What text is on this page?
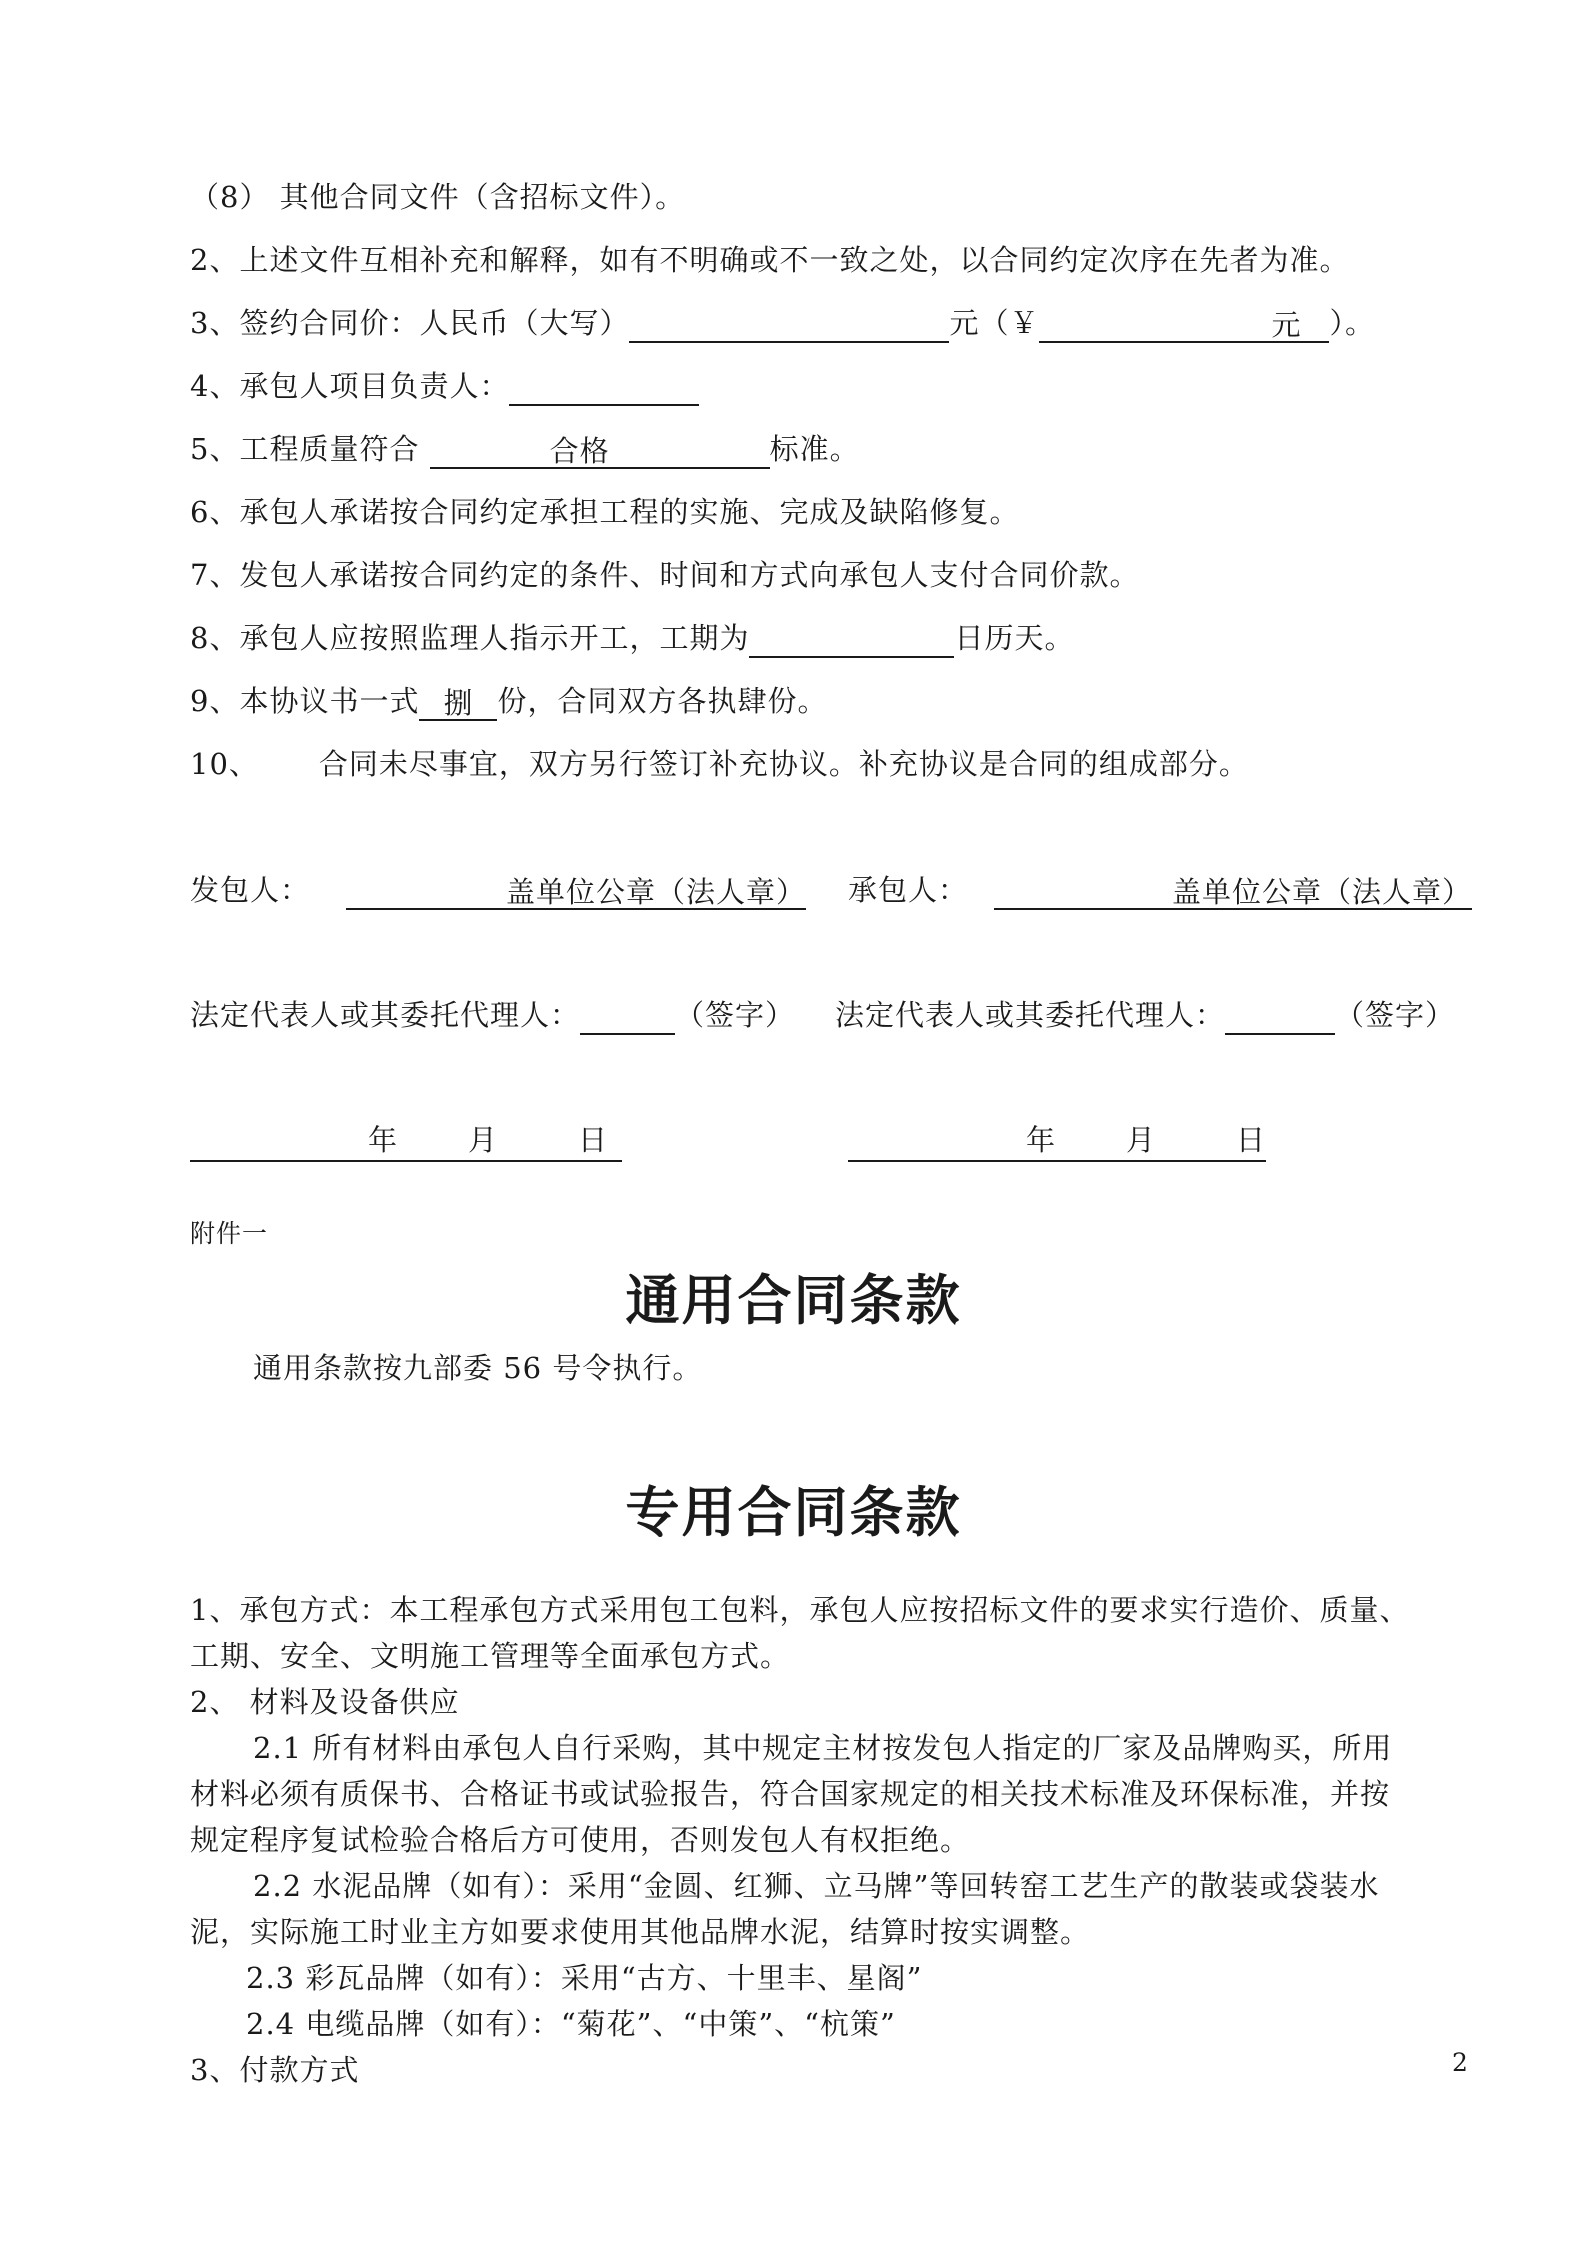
（8） 其他合同文件（含招标文件）。
2、上述文件互相补充和解释，如有不明确或不一致之处，以合同约定次序在先者为准。
3、签约合同价：人民币（大写）	元（￥	元 ）。
4、承包人项目负责人：
5、工程质量符合	合格	标准。
6、承包人承诺按合同约定承担工程的实施、完成及缺陷修复。
7、发包人承诺按合同约定的条件、时间和方式向承包人支付合同价款。
8、承包人应按照监理人指示开工，工期为	日历天。
9、本协议书一式 捌 份，合同双方各执肆份。
10、 合同未尽事宜，双方另行签订补充协议。补充协议是合同的组成部分。
发包人：	盖单位公章（法人章） 承包人：	盖单位公章（法人章）
法定代表人或其委托代理人：	（签字） 法定代表人或其委托代理人：	（签字）
年 月	日	年 月	日
附件一
通用合同条款
通用条款按九部委 56 号令执行。
专用合同条款
1、承包方式：本工程承包方式采用包工包料，承包人应按招标文件的要求实行造价、质量、
工期、安全、文明施工管理等全面承包方式。
2、 材料及设备供应
2.1 所有材料由承包人自行采购，其中规定主材按发包人指定的厂家及品牌购买，所用
材料必须有质保书、合格证书或试验报告，符合国家规定的相关技术标准及环保标准，并按
规定程序复试检验合格后方可使用，否则发包人有权拒绝。
2.2 水泥品牌（如有）：采用“金圆、红狮、立马牌”等回转窑工艺生产的散装或袋装水
泥，实际施工时业主方如要求使用其他品牌水泥，结算时按实调整。
2.3 彩瓦品牌（如有）：采用“古方、十里丰、星阁”
2.4 电缆品牌（如有）：“菊花”、“中策”、“杭策”
3、付款方式	2
